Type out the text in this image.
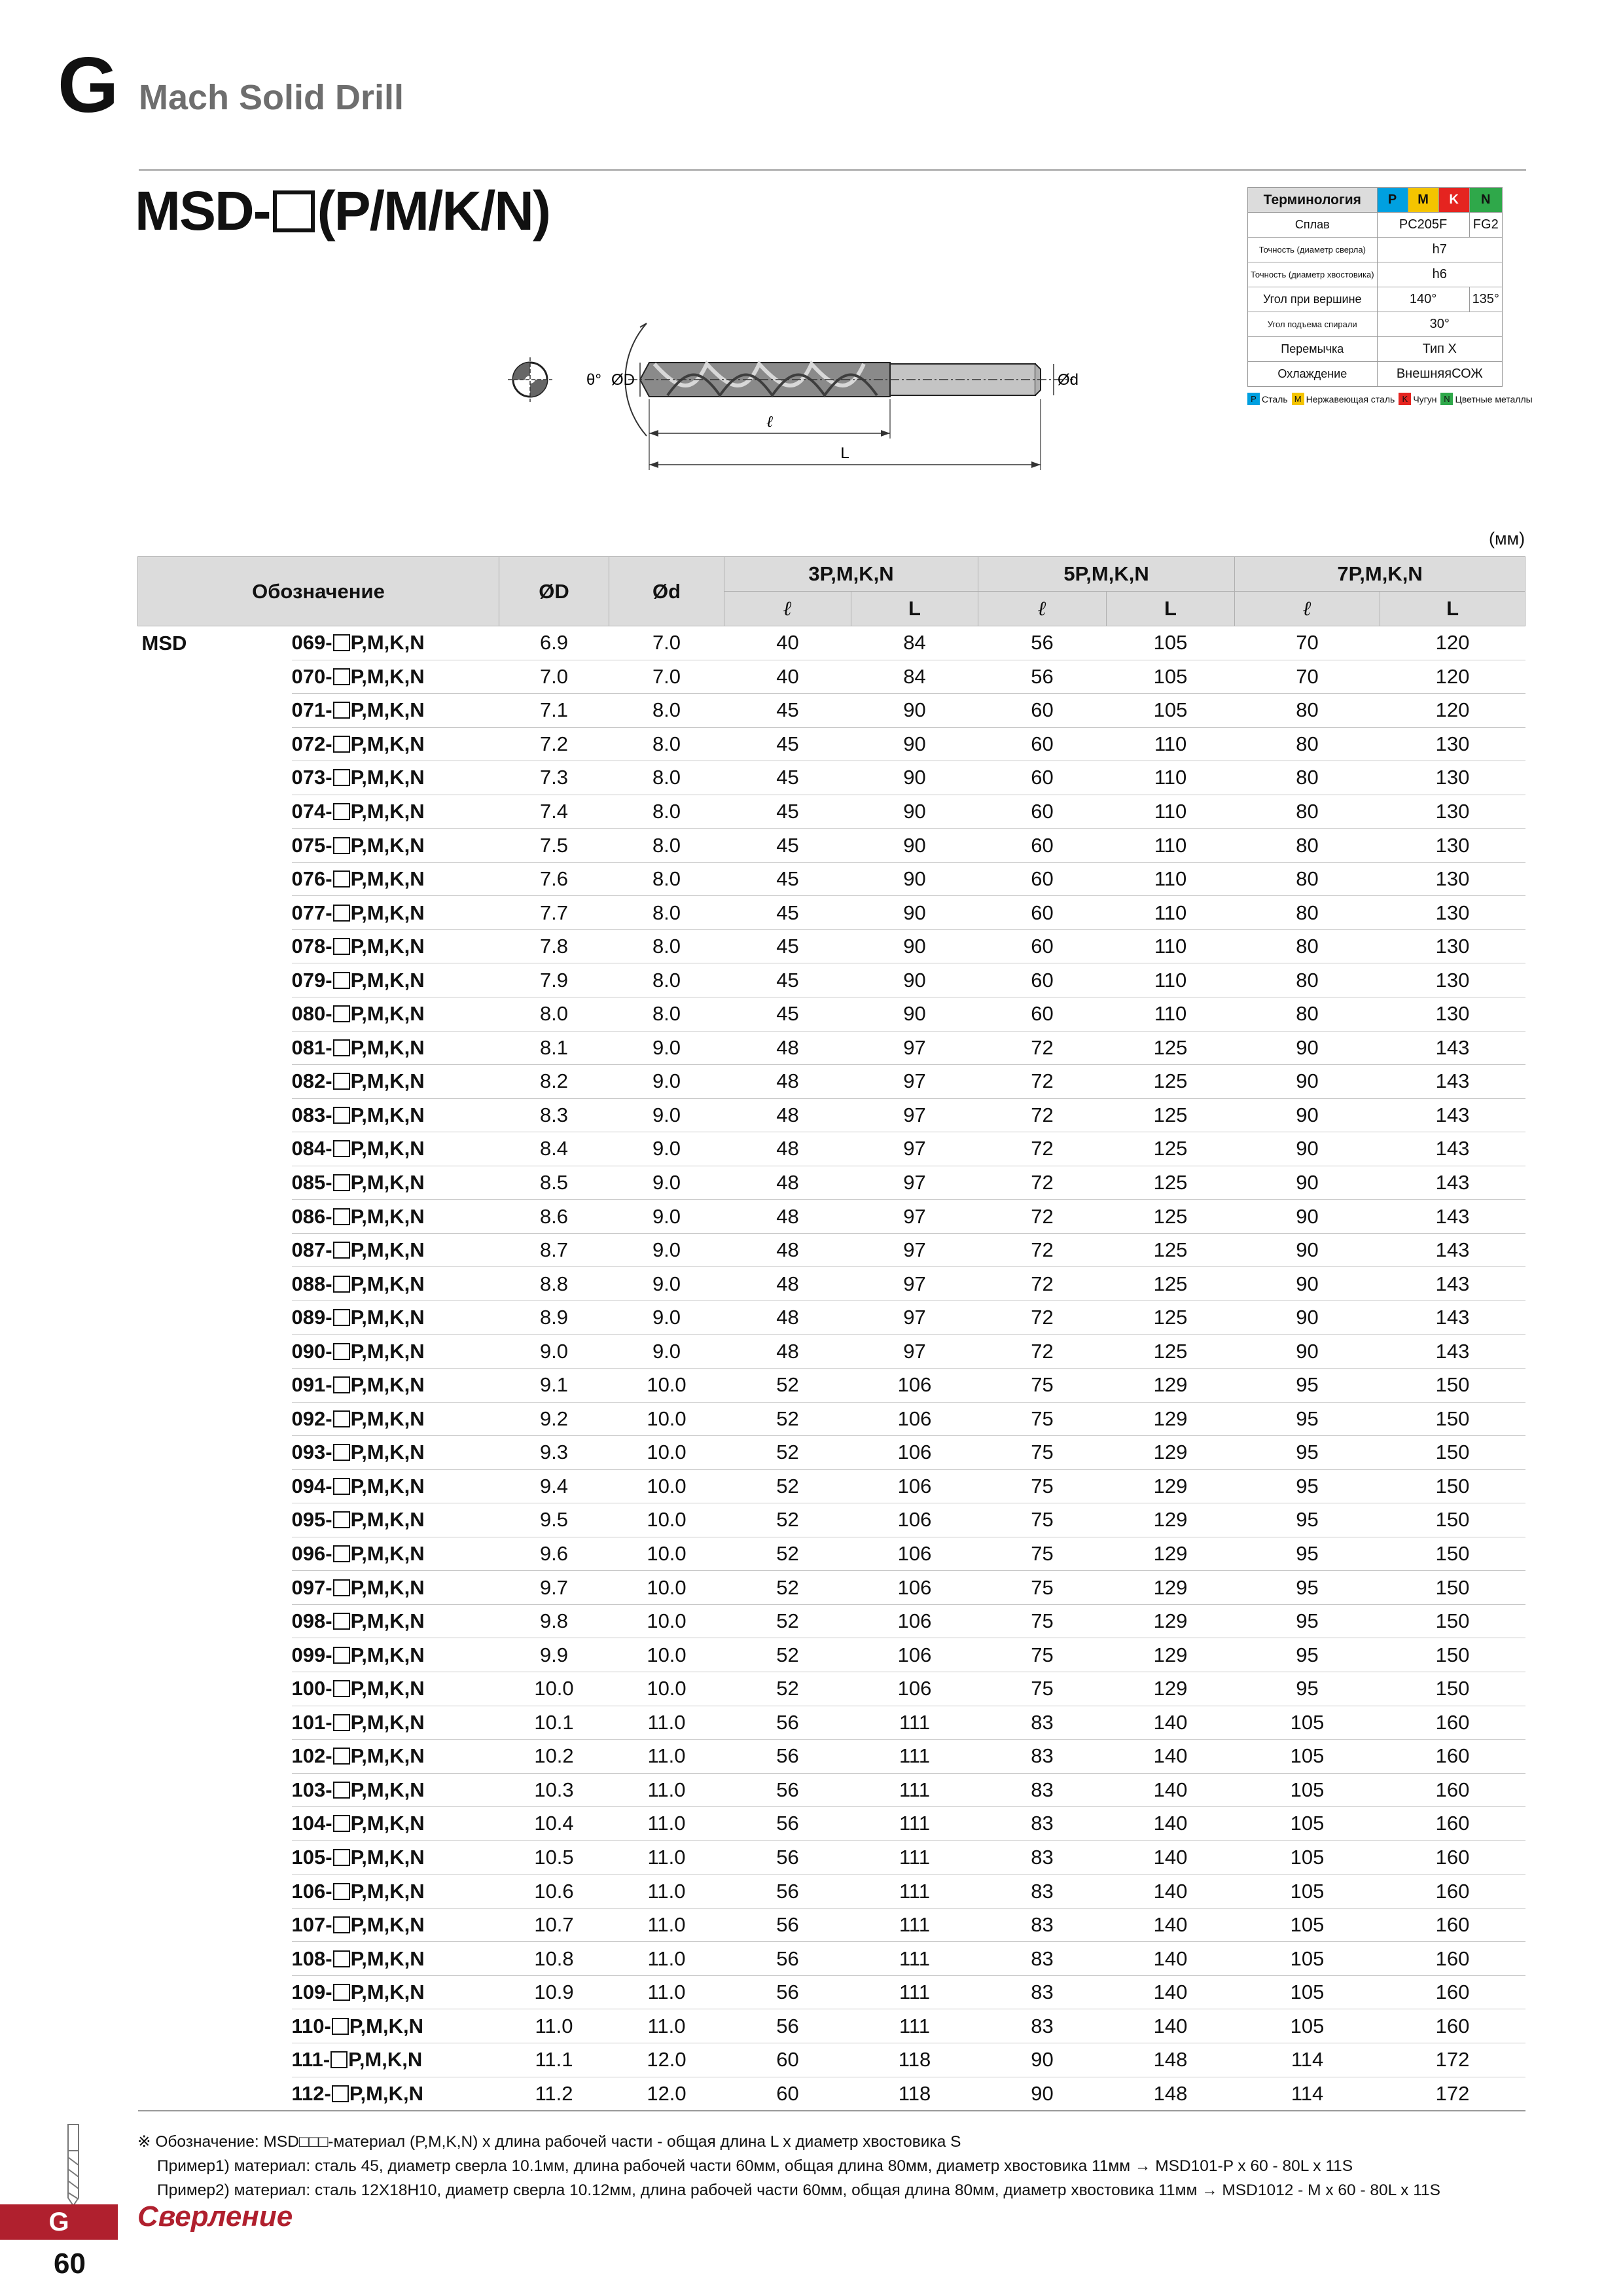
G Mach Solid Drill
MSD- (P/M/K/N)
θ° ØD	Ød
ℓ
L
Терминология	P	M	K	N
Сплав	PC205F			FG2
Точность (диаметр сверла)	h7			
Точность (диаметр хвостовика)	h6			
Угол при вершине	140°			135°
Угол подъема спирали	30°			
Перемычка	Тип X			
Охлаждение	ВнешняяСОЖ			
P Сталь M Нержавеющая сталь K Чугун N Цветные металлы
(мм)
Обозначение		ØD	Ød	3P,M,K,N		5P,M,K,N		7P,M,K,N	
				ℓ	L	ℓ	L	ℓ	L
MSD	069- P,M,K,N	6.9	7.0	40	84	56	105	70	120
	070- P,M,K,N	7.0	7.0	40	84	56	105	70	120
	071- P,M,K,N	7.1	8.0	45	90	60	105	80	120
	072- P,M,K,N	7.2	8.0	45	90	60	110	80	130
	073- P,M,K,N	7.3	8.0	45	90	60	110	80	130
	074- P,M,K,N	7.4	8.0	45	90	60	110	80	130
	075- P,M,K,N	7.5	8.0	45	90	60	110	80	130
	076- P,M,K,N	7.6	8.0	45	90	60	110	80	130
	077- P,M,K,N	7.7	8.0	45	90	60	110	80	130
	078- P,M,K,N	7.8	8.0	45	90	60	110	80	130
	079- P,M,K,N	7.9	8.0	45	90	60	110	80	130
	080- P,M,K,N	8.0	8.0	45	90	60	110	80	130
	081- P,M,K,N	8.1	9.0	48	97	72	125	90	143
	082- P,M,K,N	8.2	9.0	48	97	72	125	90	143
	083- P,M,K,N	8.3	9.0	48	97	72	125	90	143
	084- P,M,K,N	8.4	9.0	48	97	72	125	90	143
	085- P,M,K,N	8.5	9.0	48	97	72	125	90	143
	086- P,M,K,N	8.6	9.0	48	97	72	125	90	143
	087- P,M,K,N	8.7	9.0	48	97	72	125	90	143
	088- P,M,K,N	8.8	9.0	48	97	72	125	90	143
	089- P,M,K,N	8.9	9.0	48	97	72	125	90	143
	090- P,M,K,N	9.0	9.0	48	97	72	125	90	143
	091- P,M,K,N	9.1	10.0	52	106	75	129	95	150
	092- P,M,K,N	9.2	10.0	52	106	75	129	95	150
	093- P,M,K,N	9.3	10.0	52	106	75	129	95	150
	094- P,M,K,N	9.4	10.0	52	106	75	129	95	150
	095- P,M,K,N	9.5	10.0	52	106	75	129	95	150
	096- P,M,K,N	9.6	10.0	52	106	75	129	95	150
	097- P,M,K,N	9.7	10.0	52	106	75	129	95	150
	098- P,M,K,N	9.8	10.0	52	106	75	129	95	150
	099- P,M,K,N	9.9	10.0	52	106	75	129	95	150
	100- P,M,K,N	10.0	10.0	52	106	75	129	95	150
	101- P,M,K,N	10.1	11.0	56	111	83	140	105	160
	102- P,M,K,N	10.2	11.0	56	111	83	140	105	160
	103- P,M,K,N	10.3	11.0	56	111	83	140	105	160
	104- P,M,K,N	10.4	11.0	56	111	83	140	105	160
	105- P,M,K,N	10.5	11.0	56	111	83	140	105	160
	106- P,M,K,N	10.6	11.0	56	111	83	140	105	160
	107- P,M,K,N	10.7	11.0	56	111	83	140	105	160
	108- P,M,K,N	10.8	11.0	56	111	83	140	105	160
	109- P,M,K,N	10.9	11.0	56	111	83	140	105	160
	110- P,M,K,N	11.0	11.0	56	111	83	140	105	160
	111- P,M,K,N	11.1	12.0	60	118	90	148	114	172
	112- P,M,K,N	11.2	12.0	60	118	90	148	114	172
※ Обозначение: MSD□□□-материал (P,M,K,N) x длина рабочей части - общая длина L x диаметр хвостовика S
Пример1) материал: сталь 45, диаметр сверла 10.1мм, длина рабочей части 60мм, общая длина 80мм, диаметр хвостовика 11мм → MSD101-P x 60 - 80L x 11S
Пример2) материал: сталь 12X18H10, диаметр сверла 10.12мм, длина рабочей части 60мм, общая длина 80мм, диаметр хвостовика 11мм → MSD1012 - M x 60 - 80L x 11S
G	Сверление
60
